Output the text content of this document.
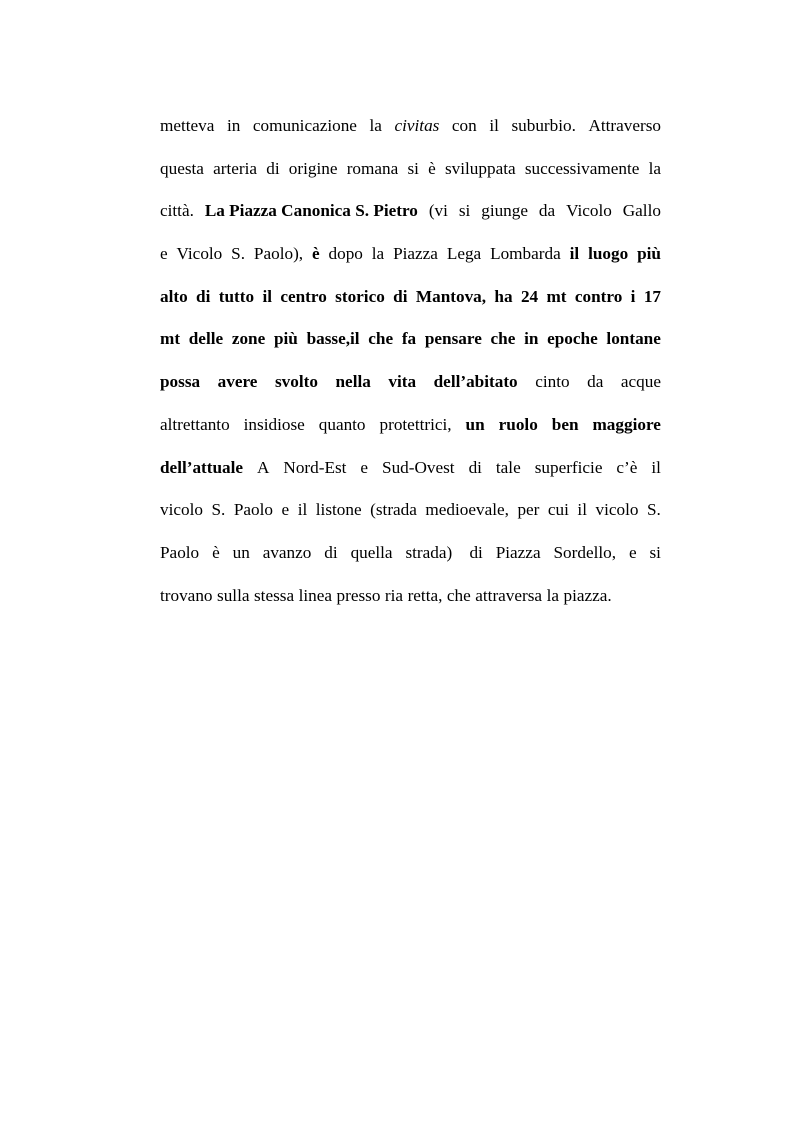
metteva in comunicazione la civitas con il suburbio. Attraverso
questa arteria di origine romana si è sviluppata successivamente la
città. La Piazza Canonica S. Pietro (vi si giunge da Vicolo Gallo
e Vicolo S. Paolo), è dopo la Piazza Lega Lombarda il luogo più
alto di tutto il centro storico di Mantova, ha 24 mt contro i 17
mt delle zone più basse,il che fa pensare che in epoche lontane
possa avere svolto nella vita dell’abitato cinto da acque
altrettanto insidiose quanto protettrici, un ruolo ben maggiore
dell’attuale A Nord-Est e Sud-Ovest di tale superficie c’è il
vicolo S. Paolo e il listone (strada medioevale, per cui il vicolo S.
Paolo è un avanzo di quella strada) di Piazza Sordello, e si
trovano sulla stessa linea presso ria retta, che attraversa la piazza.
